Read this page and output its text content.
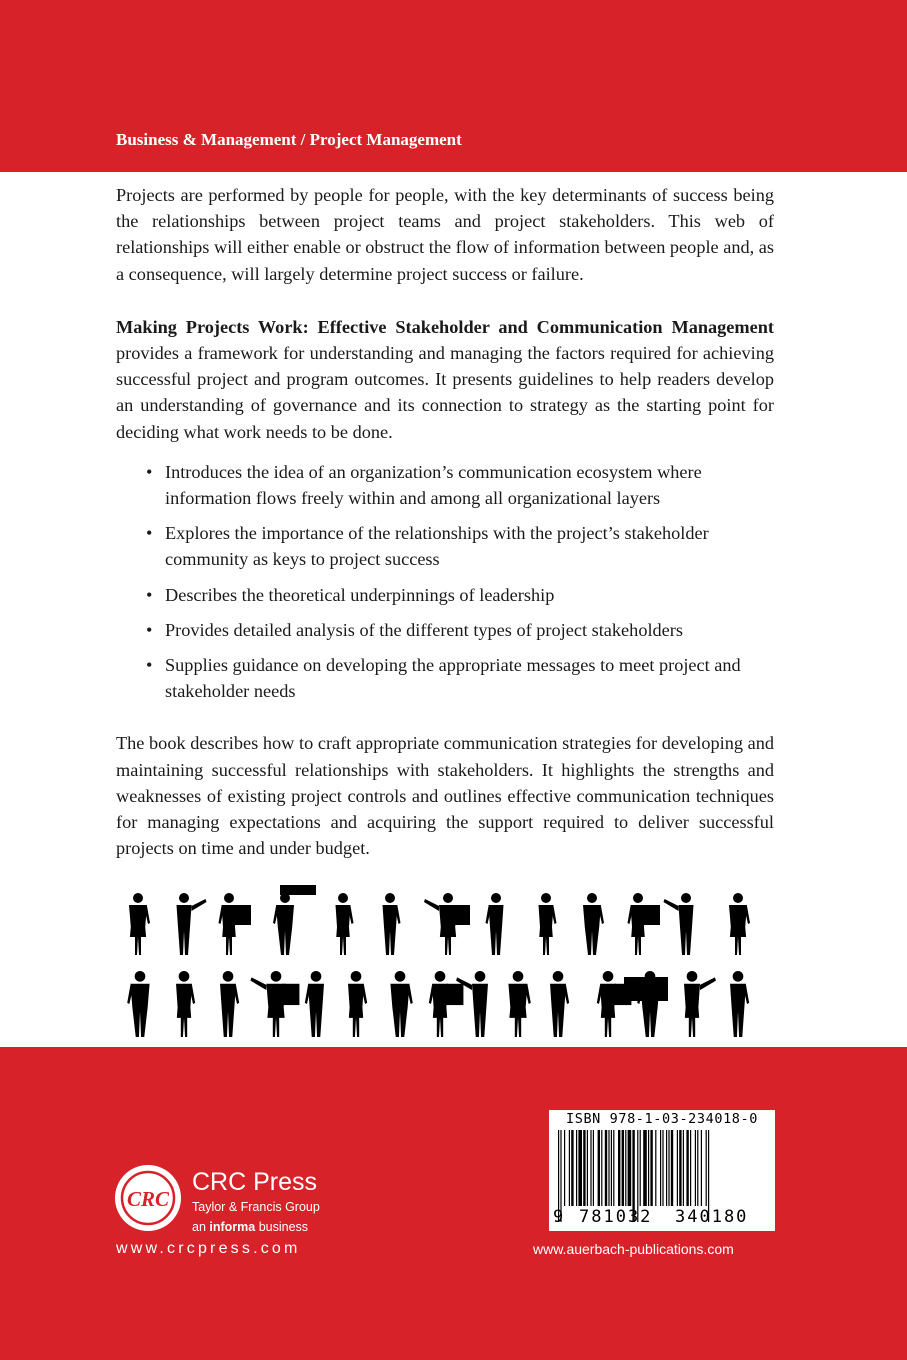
Business & Management / Project Management

Projects are performed by people for people, with the key determinants of success being the relationships between project teams and project stakeholders. This web of relationships will either enable or obstruct the flow of information between people and, as a consequence, will largely determine project success or failure.

Making Projects Work: Effective Stakeholder and Communication Management provides a framework for understanding and managing the factors required for achieving successful project and program outcomes. It presents guidelines to help readers develop an understanding of governance and its connection to strategy as the starting point for deciding what work needs to be done.

• Introduces the idea of an organization’s communication ecosystem where information flows freely within and among all organizational layers
• Explores the importance of the relationships with the project’s stakeholder community as keys to project success
• Describes the theoretical underpinnings of leadership
• Provides detailed analysis of the different types of project stakeholders
• Supplies guidance on developing the appropriate messages to meet project and stakeholder needs

The book describes how to craft appropriate communication strategies for developing and maintaining successful relationships with stakeholders. It highlights the strengths and weaknesses of existing project controls and outlines effective communication techniques for managing expectations and acquiring the support required to deliver successful projects on time and under budget.

CRC
CRC Press
Taylor & Francis Group
an informa business
www.crcpress.com
ISBN 978-1-03-234018-0
9 781032 340180
www.auerbach-publications.com
